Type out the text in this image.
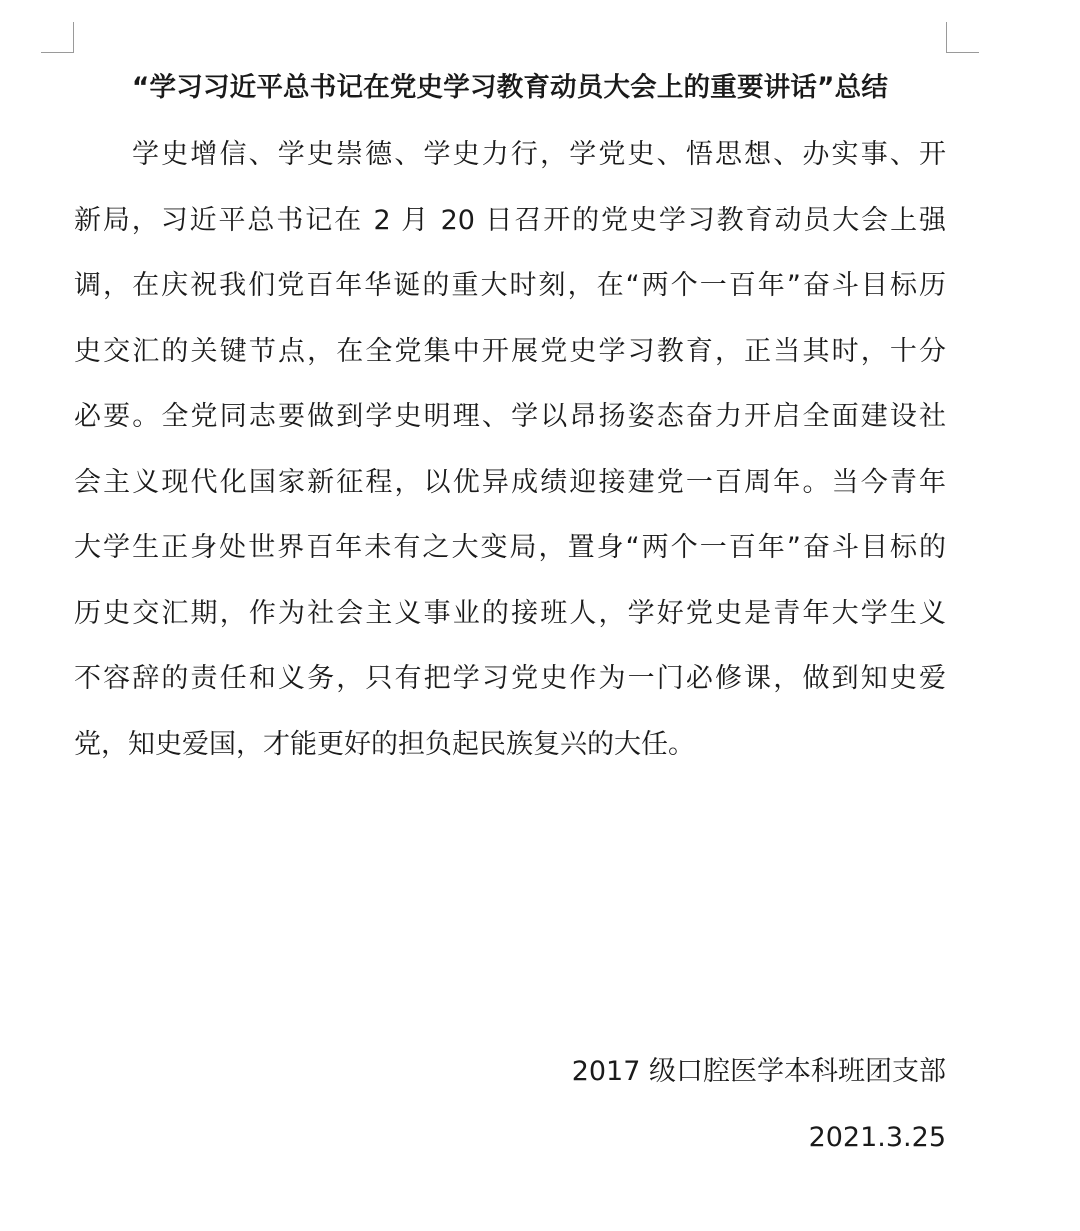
“学习习近平总书记在党史学习教育动员大会上的重要讲话”总结
学史增信、学史崇德、学史力行，学党史、悟思想、办实事、开
新局，习近平总书记在 2 月 20 日召开的党史学习教育动员大会上强
调，在庆祝我们党百年华诞的重大时刻，在“两个一百年”奋斗目标历
史交汇的关键节点，在全党集中开展党史学习教育，正当其时，十分
必要。全党同志要做到学史明理、学以昂扬姿态奋力开启全面建设社
会主义现代化国家新征程，以优异成绩迎接建党一百周年。当今青年
大学生正身处世界百年未有之大变局，置身“两个一百年”奋斗目标的
历史交汇期，作为社会主义事业的接班人，学好党史是青年大学生义
不容辞的责任和义务，只有把学习党史作为一门必修课，做到知史爱
党，知史爱国，才能更好的担负起民族复兴的大任。
2017 级口腔医学本科班团支部
2021.3.25
